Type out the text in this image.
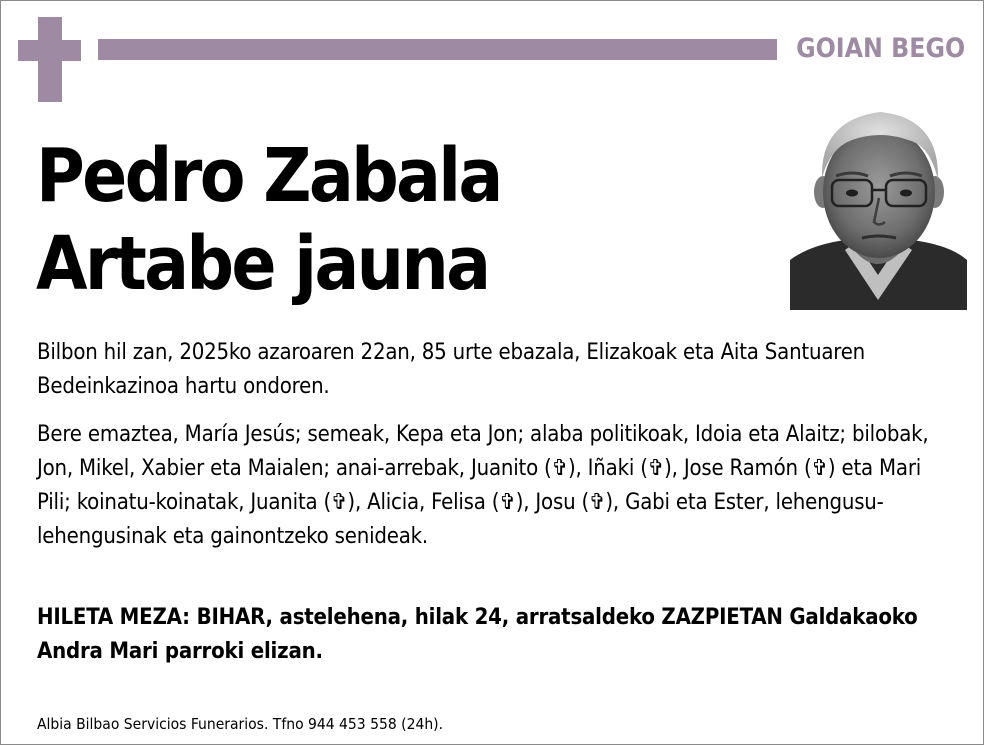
GOIAN BEGO
Pedro Zabala
Artabe jauna
Bilbon hil zan, 2025ko azaroaren 22an, 85 urte ebazala, Elizakoak eta Aita Santuaren Bedeinkazinoa hartu ondoren.
Bere emaztea, María Jesús; semeak, Kepa eta Jon; alaba politikoak, Idoia eta Alaitz; bilobak, Jon, Mikel, Xabier eta Maialen; anai-arrebak, Juanito (✞), Iñaki (✞), Jose Ramón (✞) eta Mari Pili; koinatu-koinatak, Juanita (✞), Alicia, Felisa (✞), Josu (✞), Gabi eta Ester, lehengusu-lehengusinak eta gainontzeko senideak.
HILETA MEZA: BIHAR, astelehena, hilak 24, arratsaldeko ZAZPIETAN Galdakaoko Andra Mari parroki elizan.
Albia Bilbao Servicios Funerarios. Tfno 944 453 558 (24h).
